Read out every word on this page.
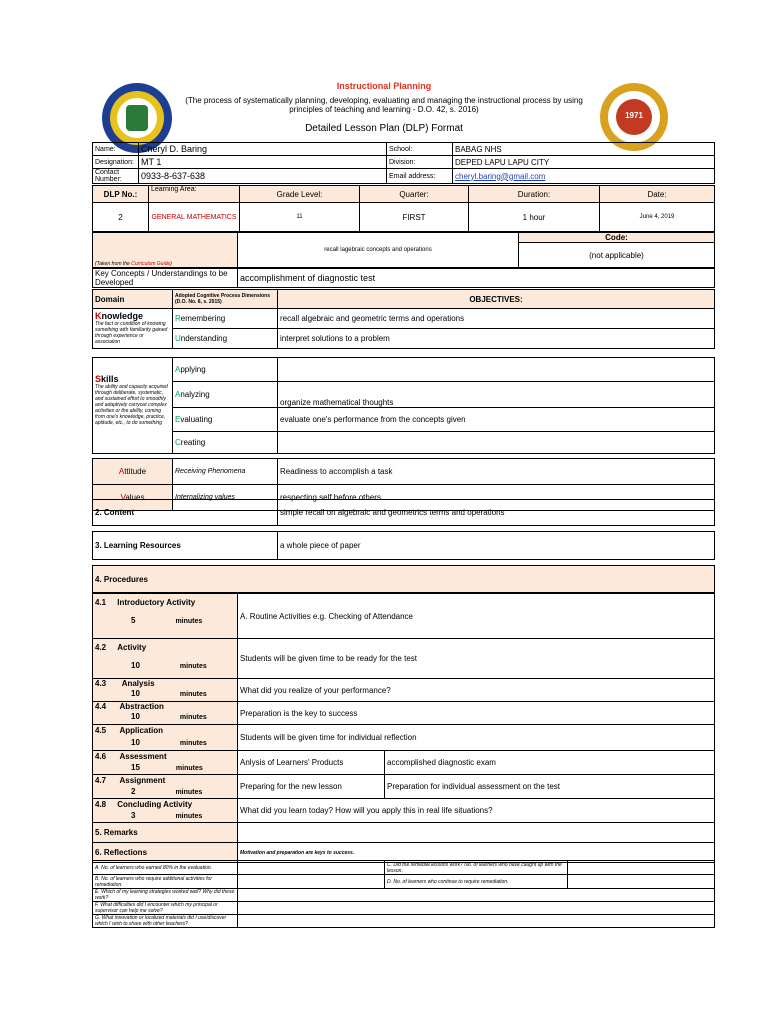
1971
Instructional Planning
(The process of systematically planning, developing, evaluating and managing the instructional process by using
principles of teaching and learning - D.O. 42, s. 2016)
Detailed Lesson Plan (DLP) Format
Name:	Cheryl D. Baring	School:	BABAG NHS
Designation:	MT 1	Division:	DEPED LAPU LAPU CITY
Contact Number:	0933-8-637-638	Email address:	cheryl.baring@gmail.com
DLP No.:	Learning Area:	Grade Level:	Quarter:	Duration:	Date:
2	GENERAL MATHEMATICS	11	FIRST	1 hour	June 4, 2019
(Taken from the Curriculum Guide)	recall lagebraic concepts and operations	Code:
(not applicable)
Key Concepts / Understandings to be Developed	accomplishment of diagnostic test
Domain	Adopted Cognitive Process Dimensions (D.O. No. 8, s. 2015)	OBJECTIVES:

Knowledge
The fact or condition of knowing something with familiarity gained through experience or association	Remembering	recall algebraic and geometric terms and operations
	Understanding	interpret solutions to a problem

Skills
The ability and capacity acquired through deliberate, systematic, and sustained effort to smoothly and adaptively carryout complex activities or the ability, coming from one's knowledge, practice, aptitude, etc., to do something	Applying	
	Analyzing	organize mathematical thoughts
	Evaluating	evaluate one's performance from the concepts given
	Creating	

Attitude	Receiving Phenomena	Readiness to accomplish a task
Values	Internalizing values	respecting self before others
2. Content	simple recall on algebraic and geometrics terms and operations

3. Learning Resources	a whole piece of paper

4. Procedures	
4.1 Introductory Activity
5 minutes	A. Routine Activities e.g. Checking of Attendance	
4.2 Activity
10 minutes	Students will be given time to be ready for the test	
4.3 Analysis
10 minutes	What did you realize of your performance?	
4.4 Abstraction
10 minutes	Preparation is the key to success	
4.5 Application
10 minutes	Students will be given time for individual reflection	
4.6 Assessment
15 minutes	Anlysis of Learners' Products	accomplished diagnostic exam
4.7 Assignment
2 minutes	Preparing for the new lesson	Preparation for individual assessment on the test
4.8 Concluding Activity
3 minutes	What did you learn today? How will you apply this in real life situations?	
5. Remarks		
6. Reflections	Motivation and preparation are keys to success.	
A. No. of learners who earned 80% in the evaluation.		C. Did the remedial lessons work? No. of learners who have caught up with the lesson.	
B. No. of learners who require additional activities for remediation.		D. No. of learners who continue to require remediation.	
E. Which of my learning strategies worked well? Why did these work?			
F. What difficulties did I encounter which my principal or supervisor can help me solve?			
G. What innovation or localized materials did I use/discover which I wish to share with other teachers?			
